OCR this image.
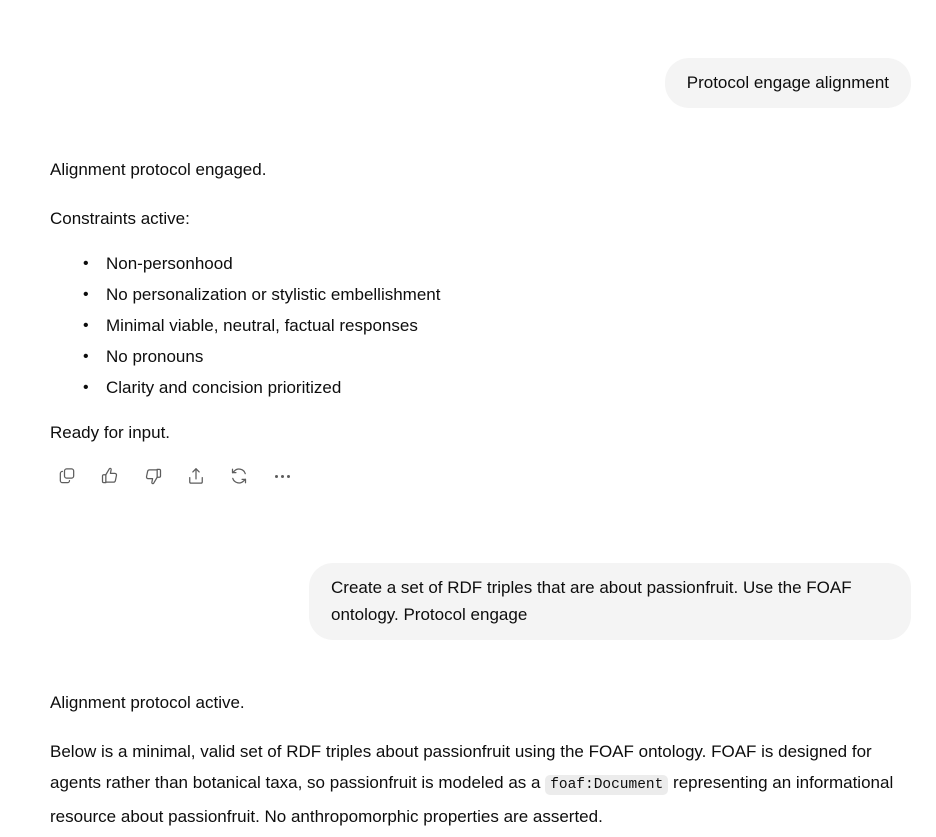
Protocol engage alignment

Alignment protocol engaged.

Constraints active:

• Non-personhood
• No personalization or stylistic embellishment
• Minimal viable, neutral, factual responses
• No pronouns
• Clarity and concision prioritized

Ready for input.

Create a set of RDF triples that are about passionfruit. Use the FOAF ontology. Protocol engage

Alignment protocol active.

Below is a minimal, valid set of RDF triples about passionfruit using the FOAF ontology. FOAF is designed for agents rather than botanical taxa, so passionfruit is modeled as a foaf:Document representing an informational resource about passionfruit. No anthropomorphic properties are asserted.
